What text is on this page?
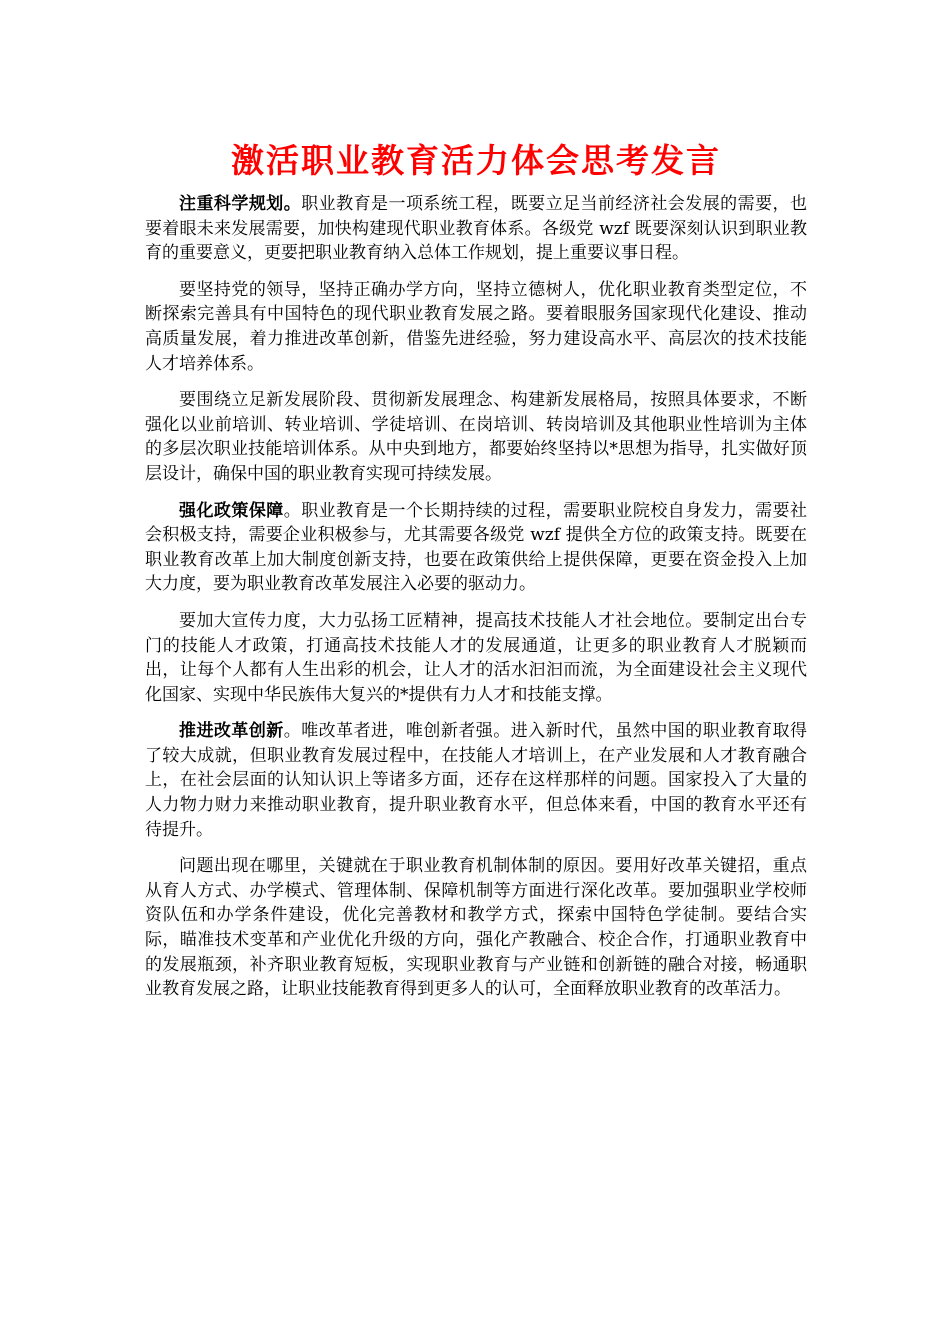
激活职业教育活力体会思考发言

注重科学规划。职业教育是一项系统工程，既要立足当前经济社会发展的需要，也要着眼未来发展需要，加快构建现代职业教育体系。各级党 wzf 既要深刻认识到职业教育的重要意义，更要把职业教育纳入总体工作规划，提上重要议事日程。

要坚持党的领导，坚持正确办学方向，坚持立德树人，优化职业教育类型定位，不断探索完善具有中国特色的现代职业教育发展之路。要着眼服务国家现代化建设、推动高质量发展，着力推进改革创新，借鉴先进经验，努力建设高水平、高层次的技术技能人才培养体系。

要围绕立足新发展阶段、贯彻新发展理念、构建新发展格局，按照具体要求，不断强化以业前培训、转业培训、学徒培训、在岗培训、转岗培训及其他职业性培训为主体的多层次职业技能培训体系。从中央到地方，都要始终坚持以*思想为指导，扎实做好顶层设计，确保中国的职业教育实现可持续发展。

强化政策保障。职业教育是一个长期持续的过程，需要职业院校自身发力，需要社会积极支持，需要企业积极参与，尤其需要各级党 wzf 提供全方位的政策支持。既要在职业教育改革上加大制度创新支持，也要在政策供给上提供保障，更要在资金投入上加大力度，要为职业教育改革发展注入必要的驱动力。

要加大宣传力度，大力弘扬工匠精神，提高技术技能人才社会地位。要制定出台专门的技能人才政策，打通高技术技能人才的发展通道，让更多的职业教育人才脱颖而出，让每个人都有人生出彩的机会，让人才的活水汩汩而流，为全面建设社会主义现代化国家、实现中华民族伟大复兴的*提供有力人才和技能支撑。

推进改革创新。唯改革者进，唯创新者强。进入新时代，虽然中国的职业教育取得了较大成就，但职业教育发展过程中，在技能人才培训上，在产业发展和人才教育融合上，在社会层面的认知认识上等诸多方面，还存在这样那样的问题。国家投入了大量的人力物力财力来推动职业教育，提升职业教育水平，但总体来看，中国的教育水平还有待提升。

问题出现在哪里，关键就在于职业教育机制体制的原因。要用好改革关键招，重点从育人方式、办学模式、管理体制、保障机制等方面进行深化改革。要加强职业学校师资队伍和办学条件建设，优化完善教材和教学方式，探索中国特色学徒制。要结合实际，瞄准技术变革和产业优化升级的方向，强化产教融合、校企合作，打通职业教育中的发展瓶颈，补齐职业教育短板，实现职业教育与产业链和创新链的融合对接，畅通职业教育发展之路，让职业技能教育得到更多人的认可，全面释放职业教育的改革活力。
